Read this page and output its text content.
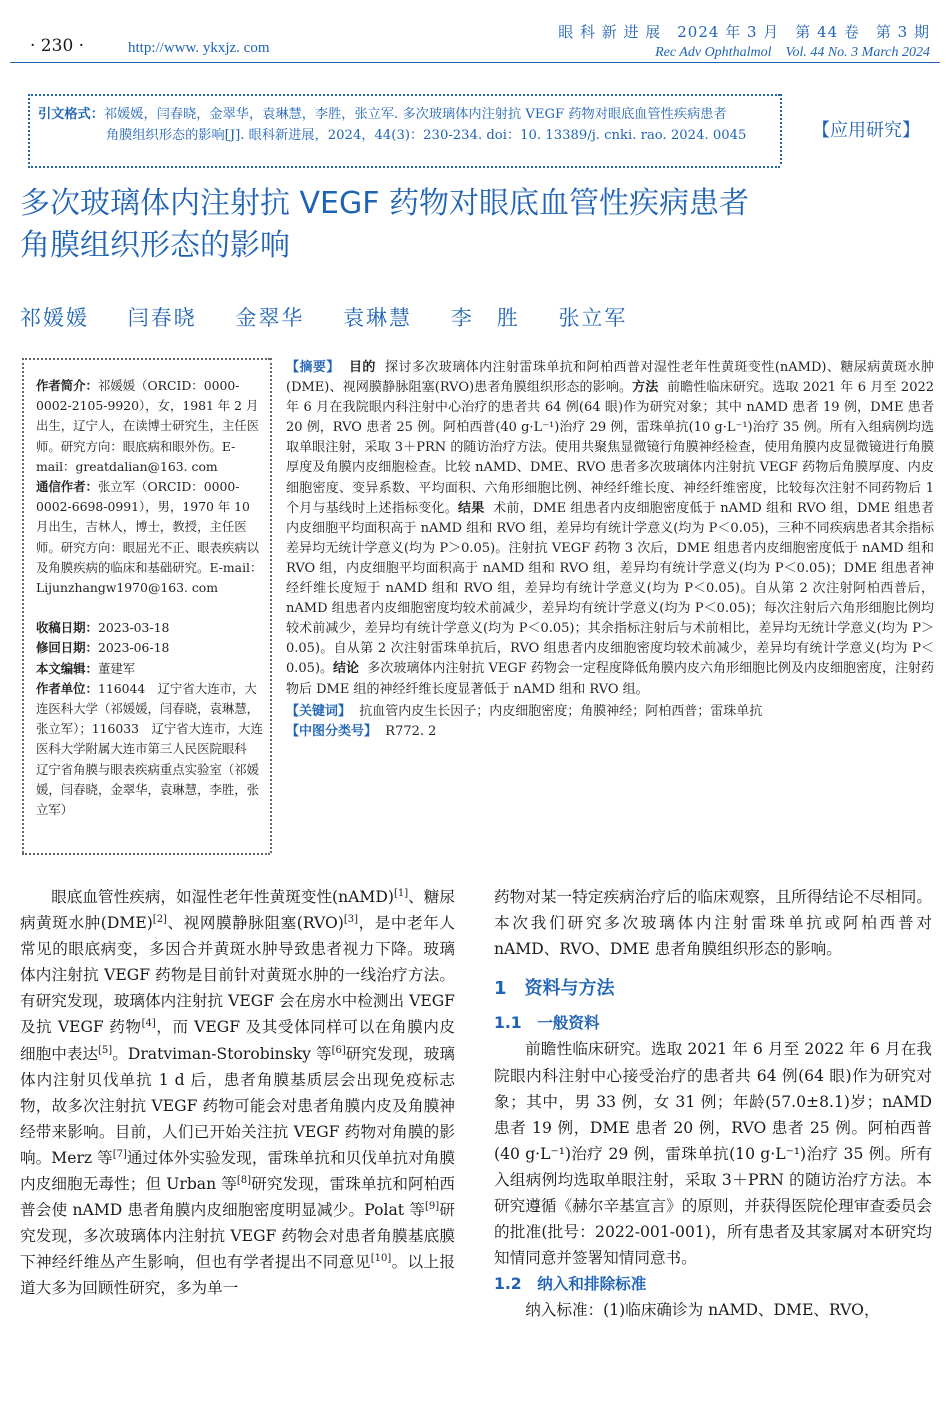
· 230 ·	http://www. ykxjz. com
眼 科 新 进 展　2024 年 3 月　第 44 卷　第 3 期
Rec Adv Ophthalmol　Vol. 44 No. 3 March 2024
引文格式：祁媛媛，闫春晓，金翠华，袁琳慧，李胜，张立军. 多次玻璃体内注射抗 VEGF 药物对眼底血管性疾病患者
角膜组织形态的影响[J]. 眼科新进展，2024，44(3)：230-234. doi：10. 13389/j. cnki. rao. 2024. 0045	【应用研究】
多次玻璃体内注射抗 VEGF 药物对眼底血管性疾病患者
角膜组织形态的影响
祁媛媛 闫春晓 金翠华 袁琳慧 李　胜 张立军
作者简介：祁媛媛（ORCID：0000-0002-2105-9920），女，1981 年 2 月出生，辽宁人，在读博士研究生，主任医师。研究方向：眼底病和眼外伤。E-mail：greatdalian@163. com
通信作者：张立军（ORCID：0000-0002-6698-0991），男，1970 年 10 月出生，吉林人，博士，教授，主任医师。研究方向：眼屈光不正、眼表疾病以及角膜疾病的临床和基础研究。E-mail：Lijunzhangw1970@163. com
收稿日期：2023-03-18
修回日期：2023-06-18
本文编辑：董建军
作者单位：116044　辽宁省大连市，大连医科大学（祁媛媛，闫春晓，袁琳慧，张立军）；116033　辽宁省大连市，大连医科大学附属大连市第三人民医院眼科　辽宁省角膜与眼表疾病重点实验室（祁媛媛，闫春晓，金翠华，袁琳慧，李胜，张立军）
【摘要】 目的 探讨多次玻璃体内注射雷珠单抗和阿柏西普对湿性老年性黄斑变性(nAMD)、糖尿病黄斑水肿(DME)、视网膜静脉阻塞(RVO)患者角膜组织形态的影响。方法 前瞻性临床研究。选取 2021 年 6 月至 2022 年 6 月在我院眼内科注射中心治疗的患者共 64 例(64 眼)作为研究对象；其中 nAMD 患者 19 例，DME 患者 20 例，RVO 患者 25 例。阿柏西普(40 g·L⁻¹)治疗 29 例，雷珠单抗(10 g·L⁻¹)治疗 35 例。所有入组病例均选取单眼注射，采取 3＋PRN 的随访治疗方法。使用共聚焦显微镜行角膜神经检查，使用角膜内皮显微镜进行角膜厚度及角膜内皮细胞检查。比较 nAMD、DME、RVO 患者多次玻璃体内注射抗 VEGF 药物后角膜厚度、内皮细胞密度、变异系数、平均面积、六角形细胞比例、神经纤维长度、神经纤维密度，比较每次注射不同药物后 1 个月与基线时上述指标变化。结果 术前，DME 组患者内皮细胞密度低于 nAMD 组和 RVO 组，DME 组患者内皮细胞平均面积高于 nAMD 组和 RVO 组，差异均有统计学意义(均为 P＜0.05)，三种不同疾病患者其余指标差异均无统计学意义(均为 P＞0.05)。注射抗 VEGF 药物 3 次后，DME 组患者内皮细胞密度低于 nAMD 组和 RVO 组，内皮细胞平均面积高于 nAMD 组和 RVO 组，差异均有统计学意义(均为 P＜0.05)；DME 组患者神经纤维长度短于 nAMD 组和 RVO 组，差异均有统计学意义(均为 P＜0.05)。自从第 2 次注射阿柏西普后，nAMD 组患者内皮细胞密度均较术前减少，差异均有统计学意义(均为 P＜0.05)；每次注射后六角形细胞比例均较术前减少，差异均有统计学意义(均为 P＜0.05)；其余指标注射后与术前相比，差异均无统计学意义(均为 P＞0.05)。自从第 2 次注射雷珠单抗后，RVO 组患者内皮细胞密度均较术前减少，差异均有统计学意义(均为 P＜0.05)。结论 多次玻璃体内注射抗 VEGF 药物会一定程度降低角膜内皮六角形细胞比例及内皮细胞密度，注射药物后 DME 组的神经纤维长度显著低于 nAMD 组和 RVO 组。
【关键词】 抗血管内皮生长因子；内皮细胞密度；角膜神经；阿柏西普；雷珠单抗
【中图分类号】 R772. 2
眼底血管性疾病，如湿性老年性黄斑变性(nAMD)[1]、糖尿病黄斑水肿(DME)[2]、视网膜静脉阻塞(RVO)[3]，是中老年人常见的眼底病变，多因合并黄斑水肿导致患者视力下降。玻璃体内注射抗 VEGF 药物是目前针对黄斑水肿的一线治疗方法。有研究发现，玻璃体内注射抗 VEGF 会在房水中检测出 VEGF 及抗 VEGF 药物[4]，而 VEGF 及其受体同样可以在角膜内皮细胞中表达[5]。Dratviman-Storobinsky 等[6]研究发现，玻璃体内注射贝伐单抗 1 d 后，患者角膜基质层会出现免疫标志物，故多次注射抗 VEGF 药物可能会对患者角膜内皮及角膜神经带来影响。目前，人们已开始关注抗 VEGF 药物对角膜的影响。Merz 等[7]通过体外实验发现，雷珠单抗和贝伐单抗对角膜内皮细胞无毒性；但 Urban 等[8]研究发现，雷珠单抗和阿柏西普会使 nAMD 患者角膜内皮细胞密度明显减少。Polat 等[9]研究发现，多次玻璃体内注射抗 VEGF 药物会对患者角膜基底膜下神经纤维丛产生影响，但也有学者提出不同意见[10]。以上报道大多为回顾性研究，多为单一

药物对某一特定疾病治疗后的临床观察，且所得结论不尽相同。本次我们研究多次玻璃体内注射雷珠单抗或阿柏西普对 nAMD、RVO、DME 患者角膜组织形态的影响。

1　资料与方法
1.1　一般资料

前瞻性临床研究。选取 2021 年 6 月至 2022 年 6 月在我院眼内科注射中心接受治疗的患者共 64 例(64 眼)作为研究对象；其中，男 33 例，女 31 例；年龄(57.0±8.1)岁；nAMD 患者 19 例，DME 患者 20 例，RVO 患者 25 例。阿柏西普(40 g·L⁻¹)治疗 29 例，雷珠单抗(10 g·L⁻¹)治疗 35 例。所有入组病例均选取单眼注射，采取 3＋PRN 的随访治疗方法。本研究遵循《赫尔辛基宣言》的原则，并获得医院伦理审查委员会的批准(批号：2022-001-001)，所有患者及其家属对本研究均知情同意并签署知情同意书。

1.2　纳入和排除标准

纳入标准：(1)临床确诊为 nAMD、DME、RVO，
